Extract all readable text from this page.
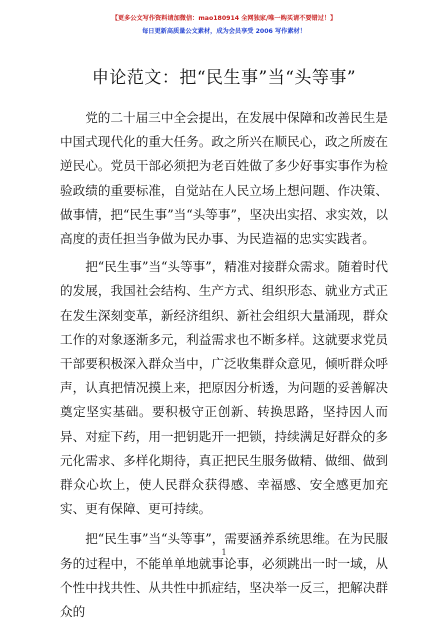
【更多公文写作资料请加微信：mao180914 全网独家/唯一购买请不要错过！】
每日更新高质量公文素材，成为会员享受 2006 写作素材！
申论范文：把“民生事”当“头等事”

党的二十届三中全会提出，在发展中保障和改善民生是中国式现代化的重大任务。政之所兴在顺民心，政之所废在逆民心。党员干部必须把为老百姓做了多少好事实事作为检验政绩的重要标准，自觉站在人民立场上想问题、作决策、做事情，把“民生事”当“头等事”，坚决出实招、求实效，以高度的责任担当争做为民办事、为民造福的忠实实践者。

把“民生事”当“头等事”，精准对接群众需求。随着时代的发展，我国社会结构、生产方式、组织形态、就业方式正在发生深刻变革，新经济组织、新社会组织大量涌现，群众工作的对象逐渐多元，利益需求也不断多样。这就要求党员干部要积极深入群众当中，广泛收集群众意见，倾听群众呼声，认真把情况摸上来，把原因分析透，为问题的妥善解决奠定坚实基础。要积极守正创新、转换思路，坚持因人而异、对症下药，用一把钥匙开一把锁，持续满足好群众的多元化需求、多样化期待，真正把民生服务做精、做细、做到群众心坎上，使人民群众获得感、幸福感、安全感更加充实、更有保障、更可持续。

把“民生事”当“头等事”，需要涵养系统思维。在为民服务的过程中，不能单单地就事论事，必须跳出一时一域，从个性中找共性、从共性中抓症结，坚决举一反三，把解决群众的

1
